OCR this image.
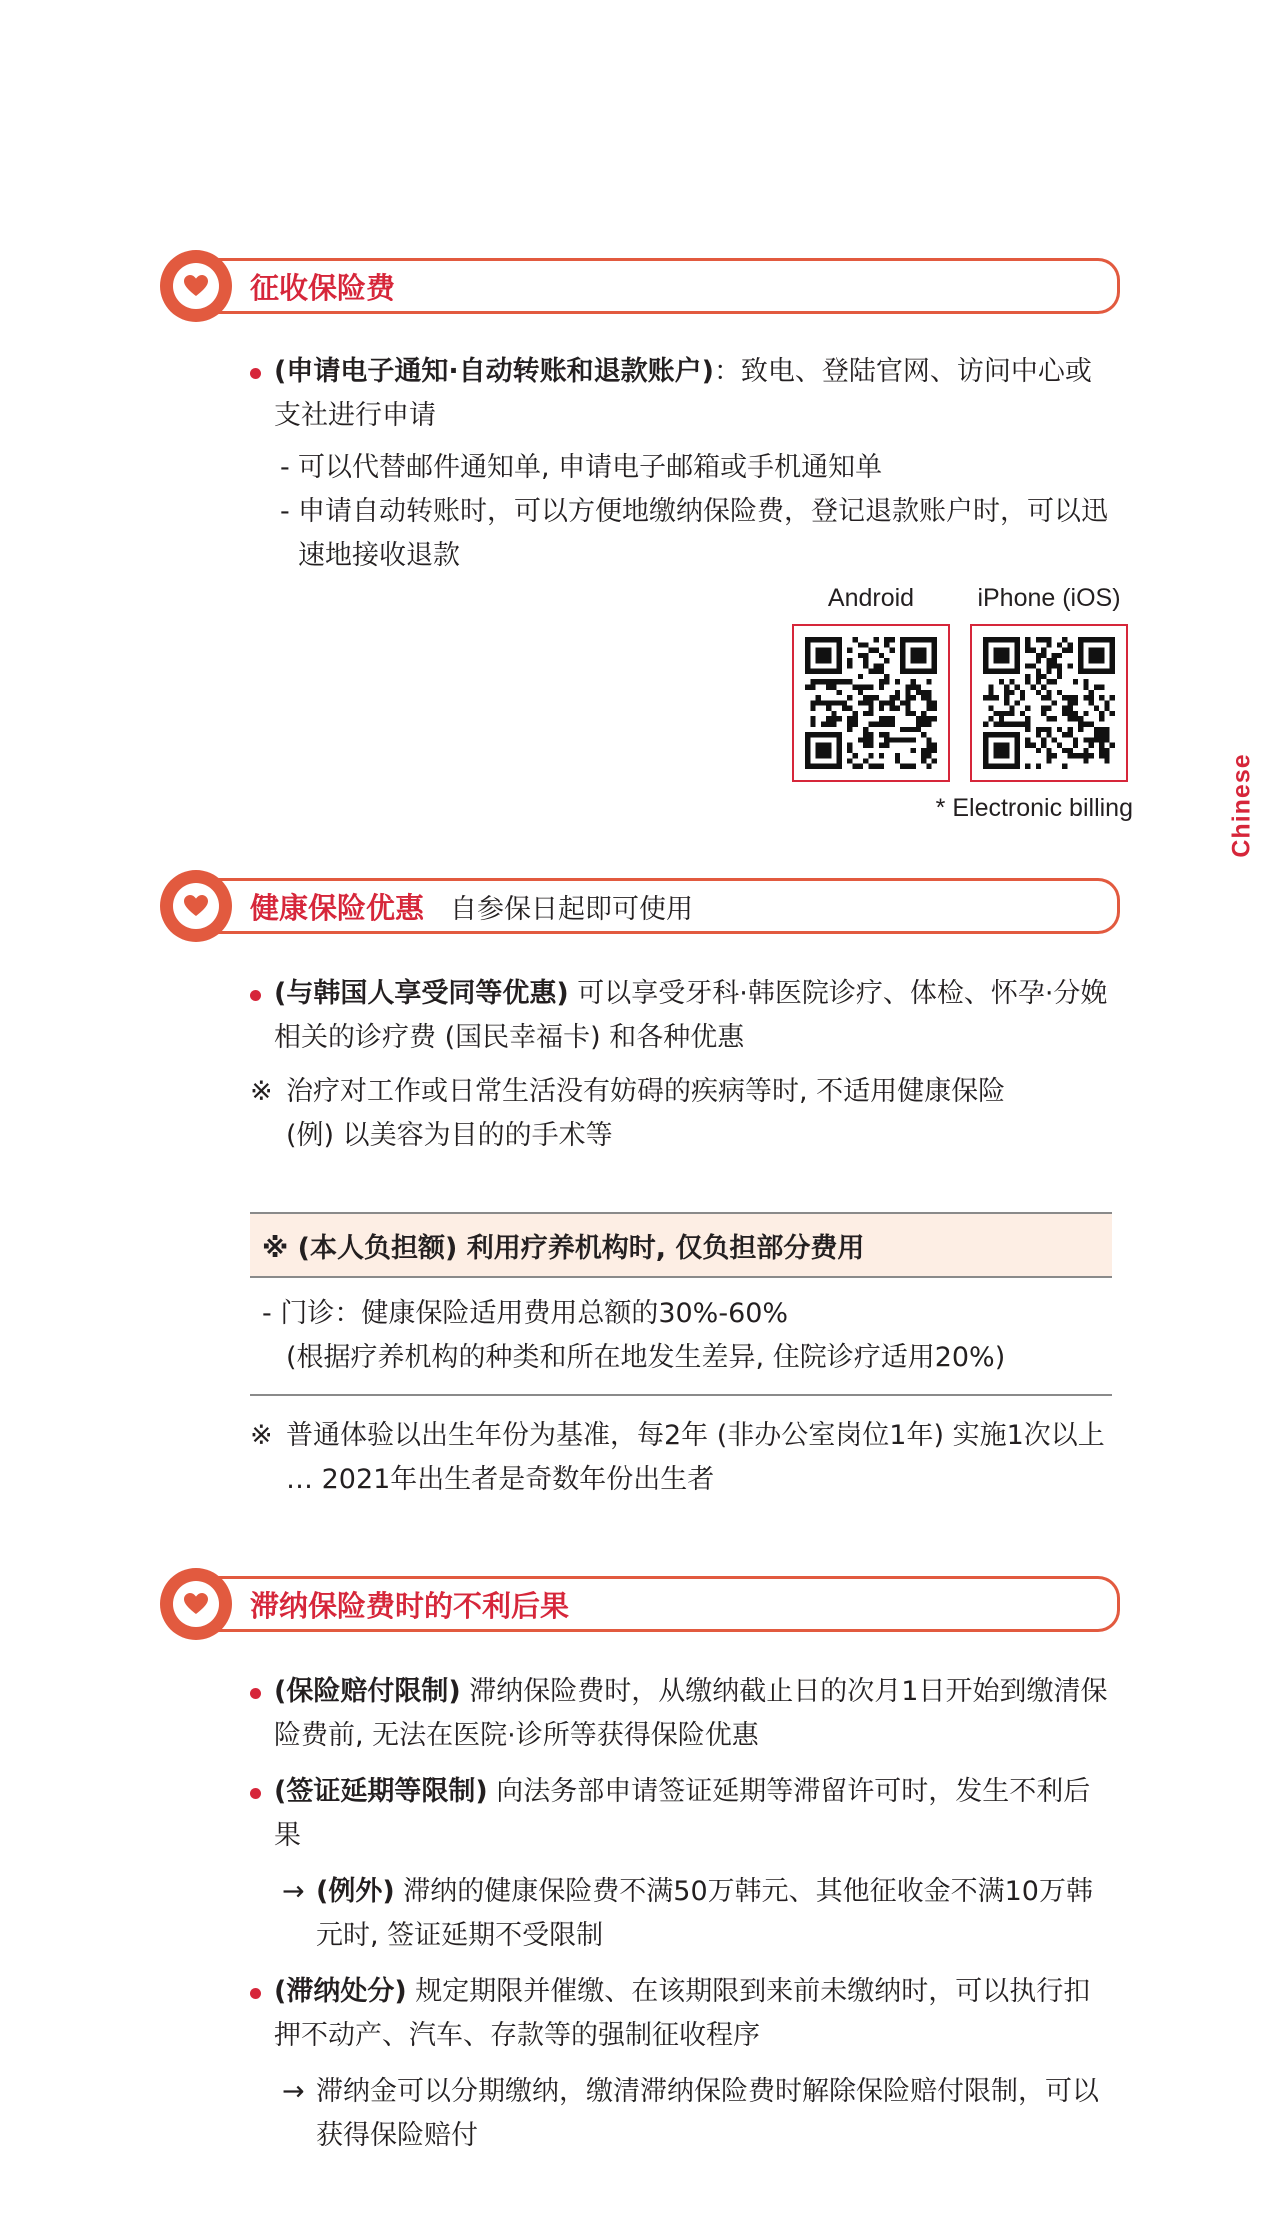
Chinese
征收保险费
(申请电子通知·自动转账和退款账户)：致电、登陆官网、访问中心或支社进行申请
- 可以代替邮件通知单, 申请电子邮箱或手机通知单
- 申请自动转账时，可以方便地缴纳保险费，登记退款账户时，可以迅速地接收退款
Android	iPhone (iOS)
* Electronic billing
健康保险优惠 自参保日起即可使用
(与韩国人享受同等优惠) 可以享受牙科·韩医院诊疗、体检、怀孕·分娩相关的诊疗费 (国民幸福卡) 和各种优惠
※ 治疗对工作或日常生活没有妨碍的疾病等时, 不适用健康保险
(例) 以美容为目的的手术等
※ (本人负担额) 利用疗养机构时, 仅负担部分费用
- 门诊：健康保险适用费用总额的30%-60%
(根据疗养机构的种类和所在地发生差异, 住院诊疗适用20%)
※ 普通体验以出生年份为基准，每2年 (非办公室岗位1年) 实施1次以上
… 2021年出生者是奇数年份出生者
滞纳保险费时的不利后果
(保险赔付限制) 滞纳保险费时，从缴纳截止日的次月1日开始到缴清保险费前, 无法在医院·诊所等获得保险优惠
(签证延期等限制) 向法务部申请签证延期等滞留许可时，发生不利后果
→ (例外) 滞纳的健康保险费不满50万韩元、其他征收金不满10万韩元时, 签证延期不受限制
(滞纳处分) 规定期限并催缴、在该期限到来前未缴纳时，可以执行扣押不动产、汽车、存款等的强制征收程序
→ 滞纳金可以分期缴纳，缴清滞纳保险费时解除保险赔付限制，可以获得保险赔付
